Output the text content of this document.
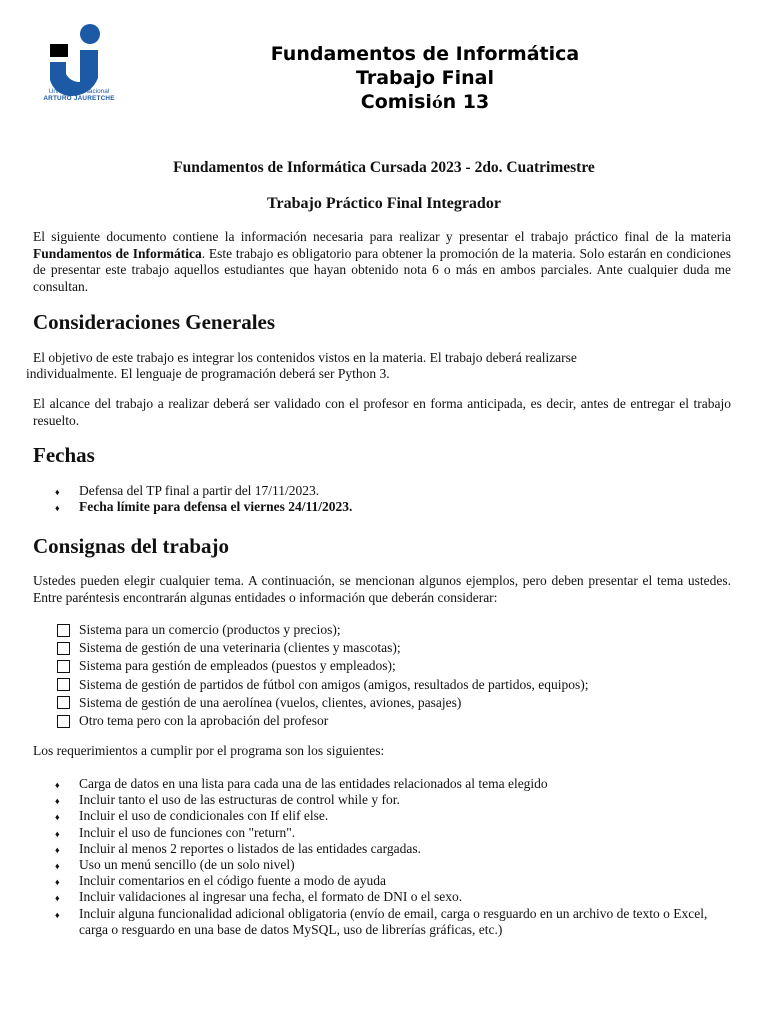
Universidad Nacional
ARTURO JAURETCHE
Fundamentos de Informática
Trabajo Final
Comisión 13
Fundamentos de Informática Cursada 2023 - 2do. Cuatrimestre
Trabajo Práctico Final Integrador
El siguiente documento contiene la información necesaria para realizar y presentar el trabajo práctico final de la materia Fundamentos de Informática. Este trabajo es obligatorio para obtener la promoción de la materia. Solo estarán en condiciones de presentar este trabajo aquellos estudiantes que hayan obtenido nota 6 o más en ambos parciales. Ante cualquier duda me consultan.
Consideraciones Generales
El objetivo de este trabajo es integrar los contenidos vistos en la materia. El trabajo deberá realizarse
individualmente. El lenguaje de programación deberá ser Python 3.
El alcance del trabajo a realizar deberá ser validado con el profesor en forma anticipada, es decir, antes de entregar el trabajo resuelto.
Fechas
♦ Defensa del TP final a partir del 17/11/2023.
♦ Fecha límite para defensa el viernes 24/11/2023.
Consignas del trabajo
Ustedes pueden elegir cualquier tema. A continuación, se mencionan algunos ejemplos, pero deben presentar el tema ustedes. Entre paréntesis encontrarán algunas entidades o información que deberán considerar:
Sistema para un comercio (productos y precios);
Sistema de gestión de una veterinaria (clientes y mascotas);
Sistema para gestión de empleados (puestos y empleados);
Sistema de gestión de partidos de fútbol con amigos (amigos, resultados de partidos, equipos);
Sistema de gestión de una aerolínea (vuelos, clientes, aviones, pasajes)
Otro tema pero con la aprobación del profesor
Los requerimientos a cumplir por el programa son los siguientes:
♦ Carga de datos en una lista para cada una de las entidades relacionados al tema elegido
♦ Incluir tanto el uso de las estructuras de control while y for.
♦ Incluir el uso de condicionales con If elif else.
♦ Incluir el uso de funciones con "return".
♦ Incluir al menos 2 reportes o listados de las entidades cargadas.
♦ Uso un menú sencillo (de un solo nivel)
♦ Incluir comentarios en el código fuente a modo de ayuda
♦ Incluir validaciones al ingresar una fecha, el formato de DNI o el sexo.
♦ Incluir alguna funcionalidad adicional obligatoria (envío de email, carga o resguardo en un archivo de texto o Excel, carga o resguardo en una base de datos MySQL, uso de librerías gráficas, etc.)
